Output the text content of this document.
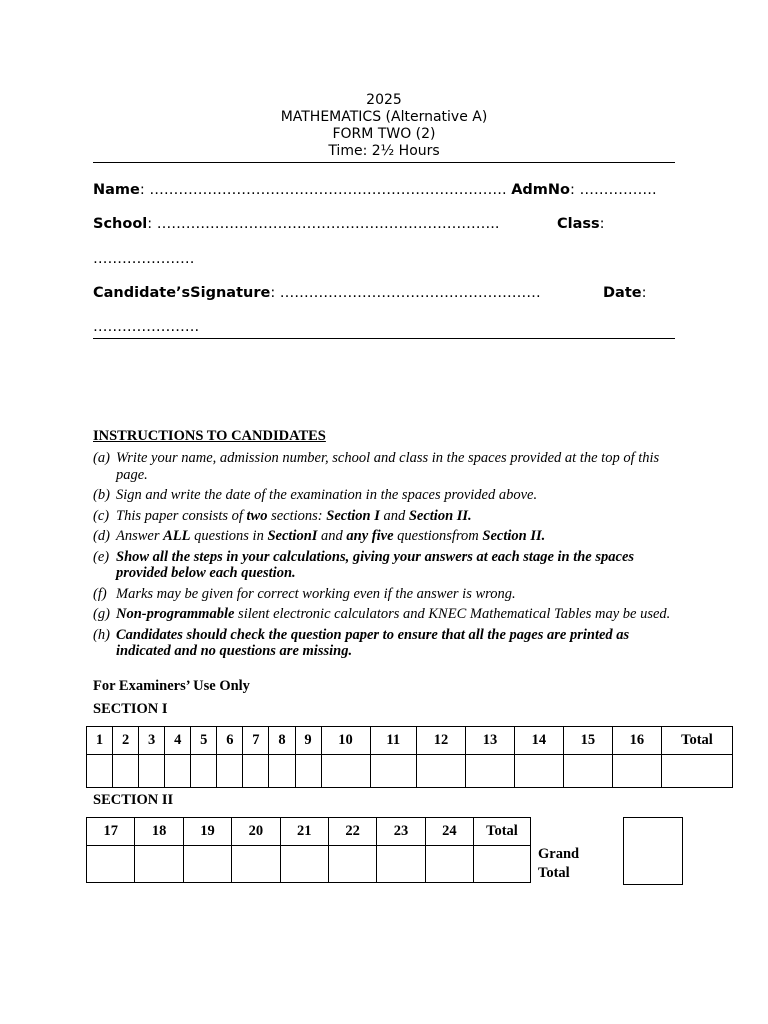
2025
MATHEMATICS (Alternative A)
FORM TWO (2)
Time: 2½ Hours
Name: ………………………………………………………….……. AdmNo: …………….
School: ……………………………………………………………..	Class:
…………………
Candidate’sSignature: ………………………………………………	Date:
………………….
INSTRUCTIONS TO CANDIDATES
(a) Write your name, admission number, school and class in the spaces provided at the top of this page.
(b) Sign and write the date of the examination in the spaces provided above.
(c) This paper consists of two sections: Section I and Section II.
(d) Answer ALL questions in SectionI and any five questionsfrom Section II.
(e) Show all the steps in your calculations, giving your answers at each stage in the spaces provided below each question.
(f) Marks may be given for correct working even if the answer is wrong.
(g) Non-programmable silent electronic calculators and KNEC Mathematical Tables may be used.
(h) Candidates should check the question paper to ensure that all the pages are printed as indicated and no questions are missing.
For Examiners’ Use Only
SECTION I
1	2	3	4	5	6	7	8	9	10	11	12	13	14	15	16	Total

SECTION II
17	18	19	20	21	22	23	24	Total

Grand
Total
